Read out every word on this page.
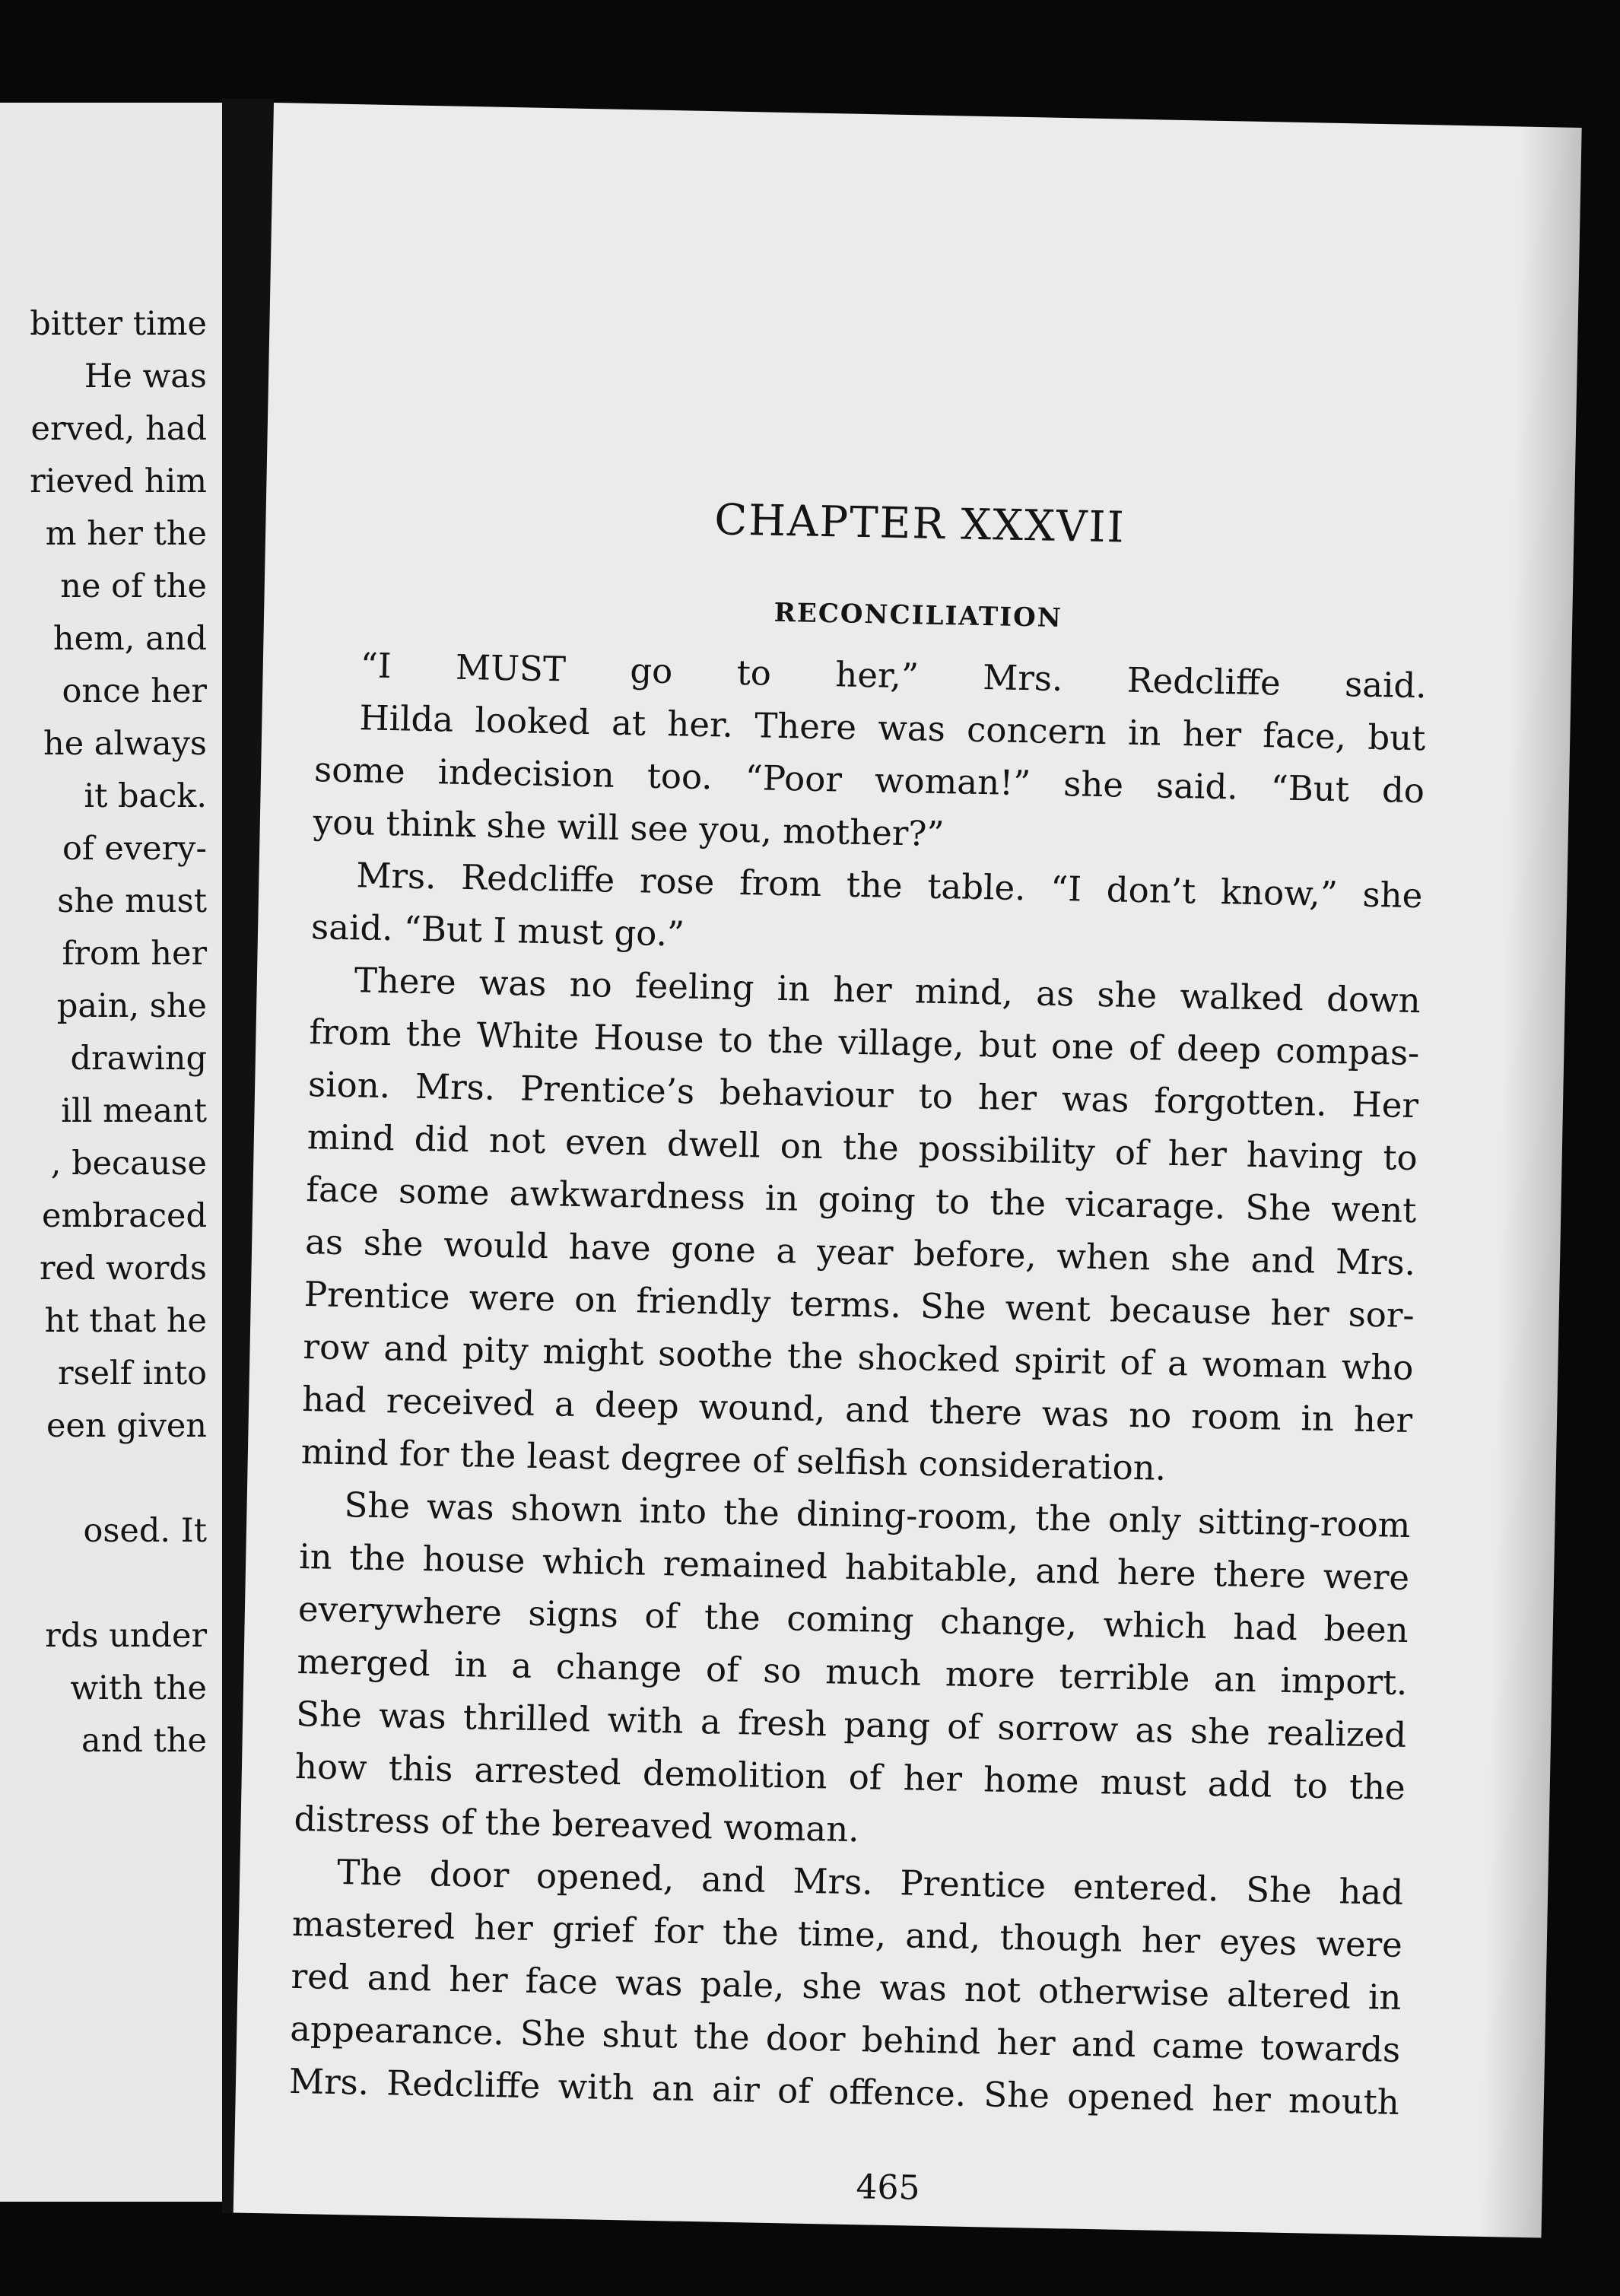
bitter time
He was
erved, had
rieved him
m her the
ne of the
hem, and
once her
he always
it back.
of every-
she must
from her
pain, she
drawing
ill meant
, because
embraced
red words
ht that he
rself into
een given
osed. It
rds under
with the
and the
CHAPTER XXXVII
RECONCILIATION
“I MUST go to her,” Mrs. Redcliffe said.
Hilda looked at her. There was concern in her face, but
some indecision too. “Poor woman!” she said. “But do
you think she will see you, mother?”
Mrs. Redcliffe rose from the table. “I don’t know,” she
said. “But I must go.”
There was no feeling in her mind, as she walked down
from the White House to the village, but one of deep compas-
sion. Mrs. Prentice’s behaviour to her was forgotten. Her
mind did not even dwell on the possibility of her having to
face some awkwardness in going to the vicarage. She went
as she would have gone a year before, when she and Mrs.
Prentice were on friendly terms. She went because her sor-
row and pity might soothe the shocked spirit of a woman who
had received a deep wound, and there was no room in her
mind for the least degree of selfish consideration.
She was shown into the dining-room, the only sitting-room
in the house which remained habitable, and here there were
everywhere signs of the coming change, which had been
merged in a change of so much more terrible an import.
She was thrilled with a fresh pang of sorrow as she realized
how this arrested demolition of her home must add to the
distress of the bereaved woman.
The door opened, and Mrs. Prentice entered. She had
mastered her grief for the time, and, though her eyes were
red and her face was pale, she was not otherwise altered in
appearance. She shut the door behind her and came towards
Mrs. Redcliffe with an air of offence. She opened her mouth
465
